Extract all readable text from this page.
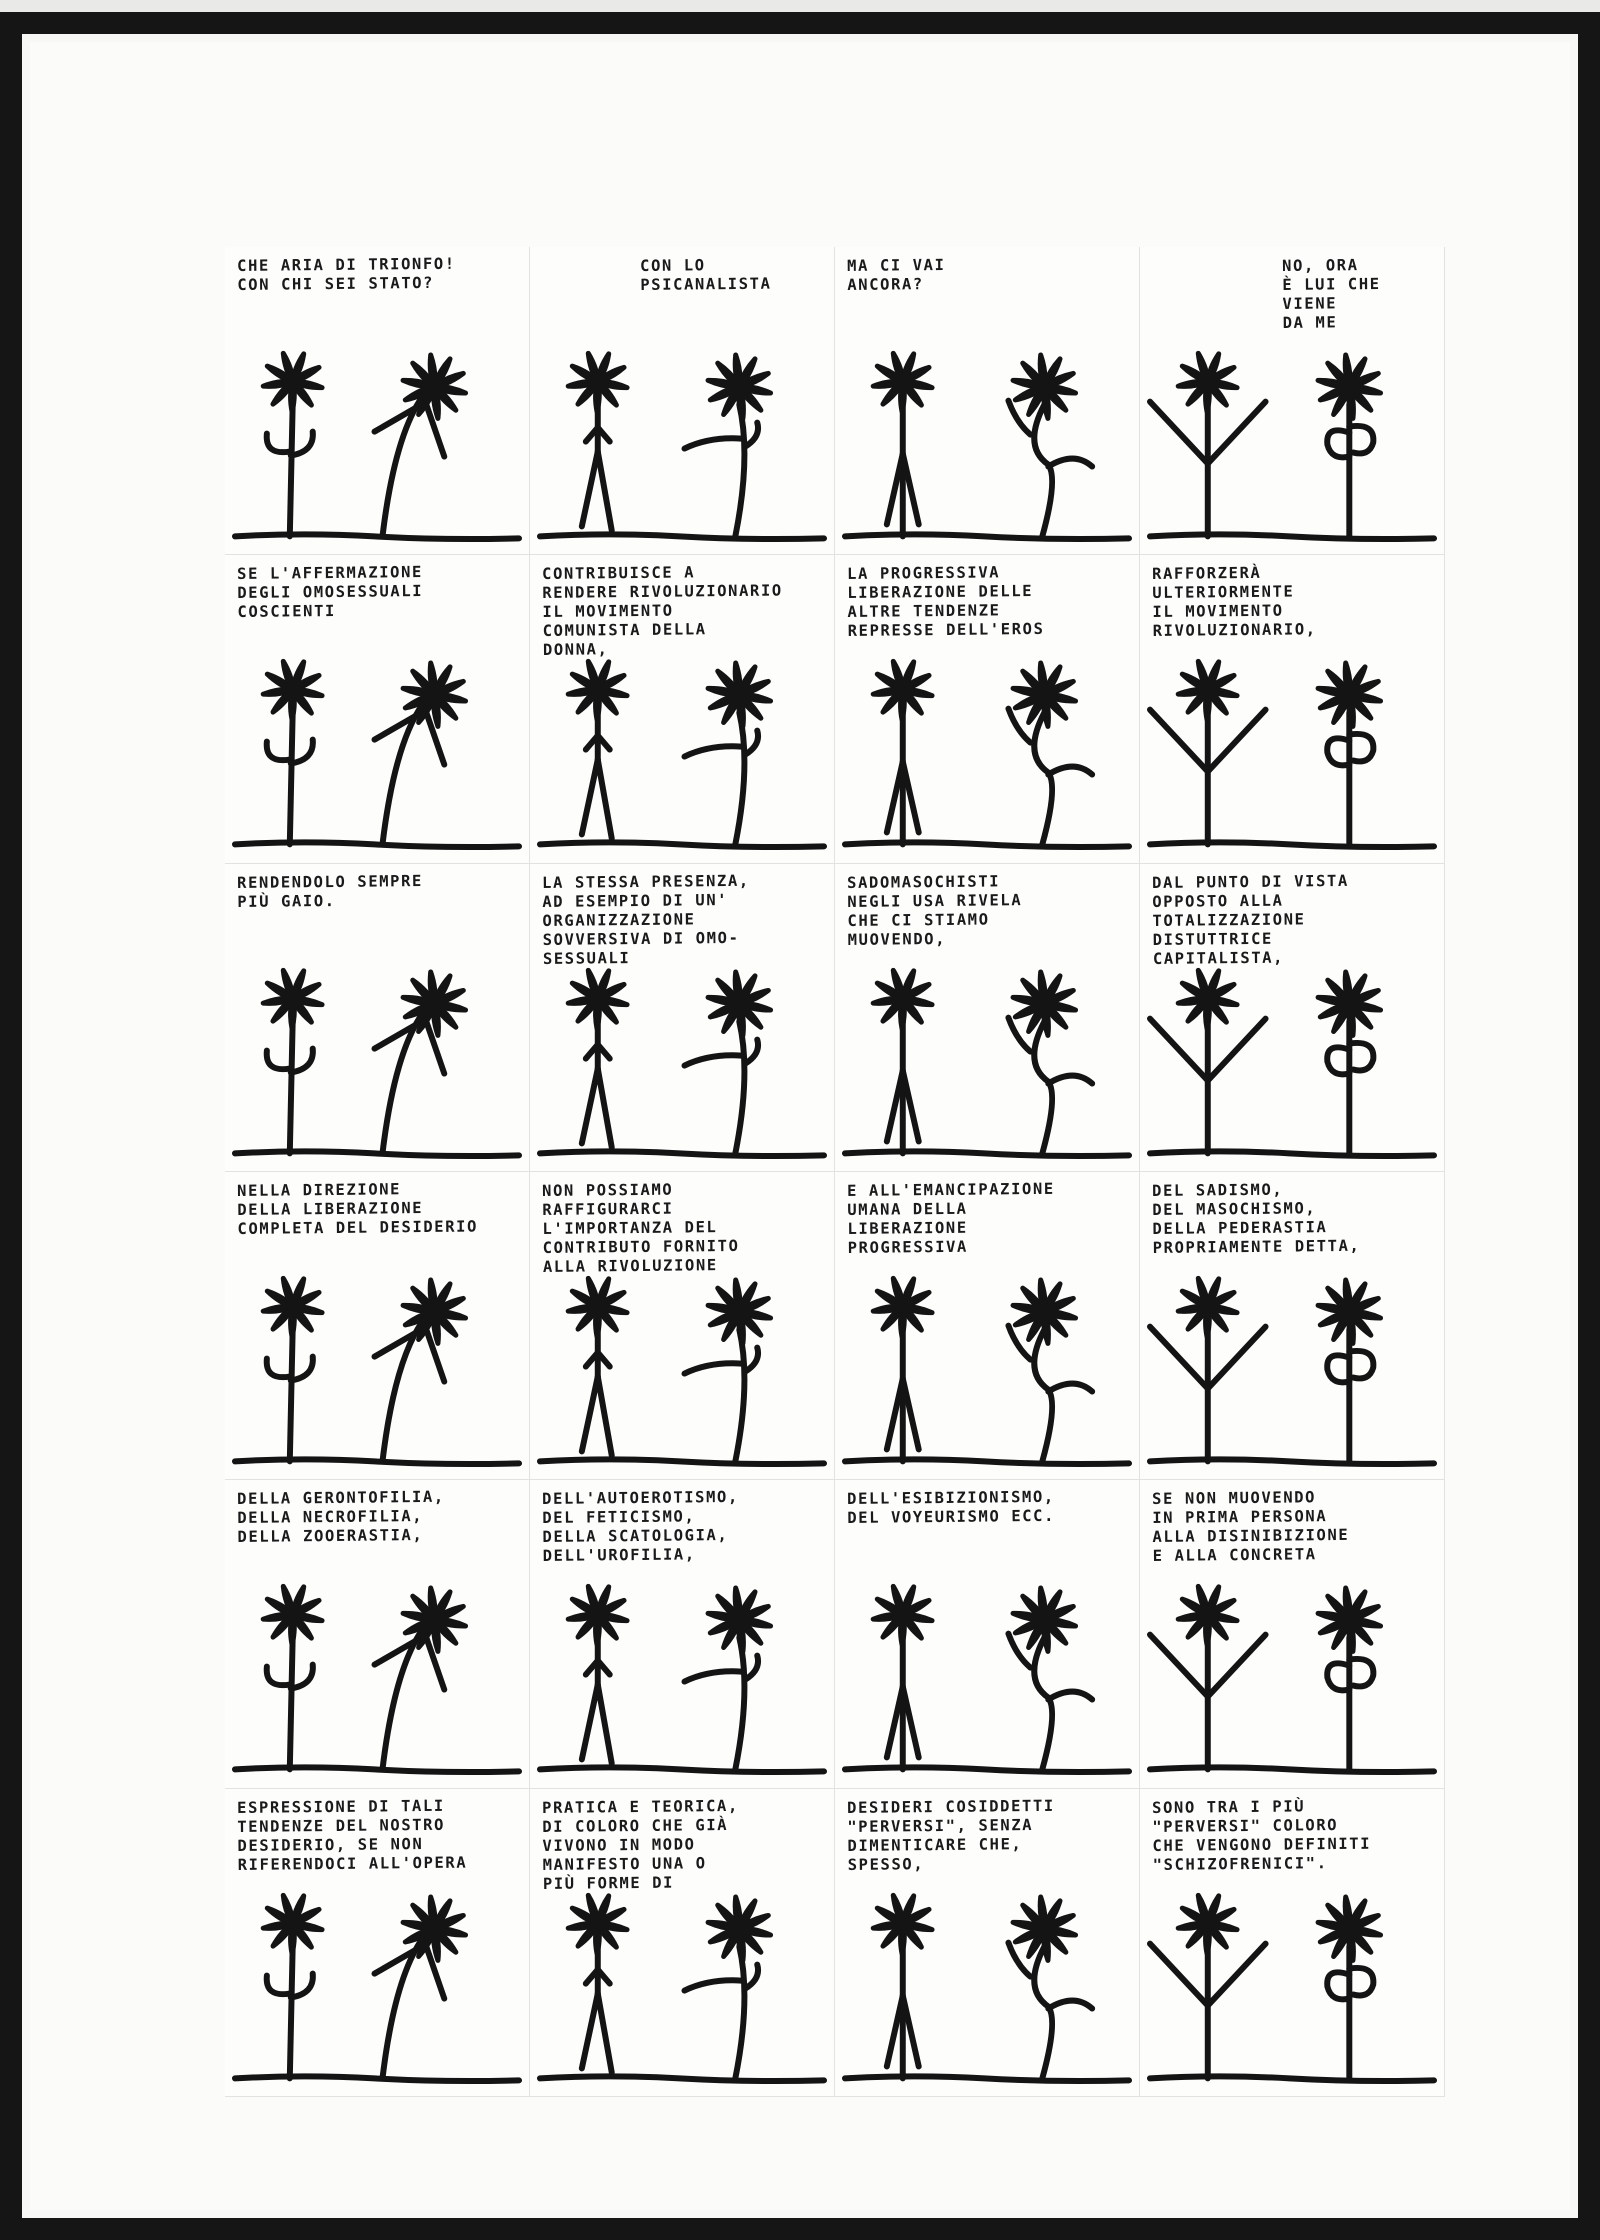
CHE ARIA DI TRIONFO!
CON CHI SEI STATO?
CON LO
PSICANALISTA
MA CI VAI
ANCORA?
NO, ORA
È LUI CHE
VIENE
DA ME
SE L'AFFERMAZIONE
DEGLI OMOSESSUALI
COSCIENTI
CONTRIBUISCE A
RENDERE RIVOLUZIONARIO
IL MOVIMENTO
COMUNISTA DELLA
DONNA,
LA PROGRESSIVA
LIBERAZIONE DELLE
ALTRE TENDENZE
REPRESSE DELL'EROS
RAFFORZERÀ
ULTERIORMENTE
IL MOVIMENTO
RIVOLUZIONARIO,
RENDENDOLO SEMPRE
PIÙ GAIO.
LA STESSA PRESENZA,
AD ESEMPIO DI UN'
ORGANIZZAZIONE
SOVVERSIVA DI OMO-
SESSUALI
SADOMASOCHISTI
NEGLI USA RIVELA
CHE CI STIAMO
MUOVENDO,
DAL PUNTO DI VISTA
OPPOSTO ALLA
TOTALIZZAZIONE
DISTUTTRICE
CAPITALISTA,
NELLA DIREZIONE
DELLA LIBERAZIONE
COMPLETA DEL DESIDERIO
NON POSSIAMO
RAFFIGURARCI
L'IMPORTANZA DEL
CONTRIBUTO FORNITO
ALLA RIVOLUZIONE
E ALL'EMANCIPAZIONE
UMANA DELLA
LIBERAZIONE
PROGRESSIVA
DEL SADISMO,
DEL MASOCHISMO,
DELLA PEDERASTIA
PROPRIAMENTE DETTA,
DELLA GERONTOFILIA,
DELLA NECROFILIA,
DELLA ZOOERASTIA,
DELL'AUTOEROTISMO,
DEL FETICISMO,
DELLA SCATOLOGIA,
DELL'UROFILIA,
DELL'ESIBIZIONISMO,
DEL VOYEURISMO ECC.
SE NON MUOVENDO
IN PRIMA PERSONA
ALLA DISINIBIZIONE
E ALLA CONCRETA
ESPRESSIONE DI TALI
TENDENZE DEL NOSTRO
DESIDERIO, SE NON
RIFERENDOCI ALL'OPERA
PRATICA E TEORICA,
DI COLORO CHE GIÀ
VIVONO IN MODO
MANIFESTO UNA O
PIÙ FORME DI
DESIDERI COSIDDETTI
"PERVERSI", SENZA
DIMENTICARE CHE,
SPESSO,
SONO TRA I PIÙ
"PERVERSI" COLORO
CHE VENGONO DEFINITI
"SCHIZOFRENICI".
